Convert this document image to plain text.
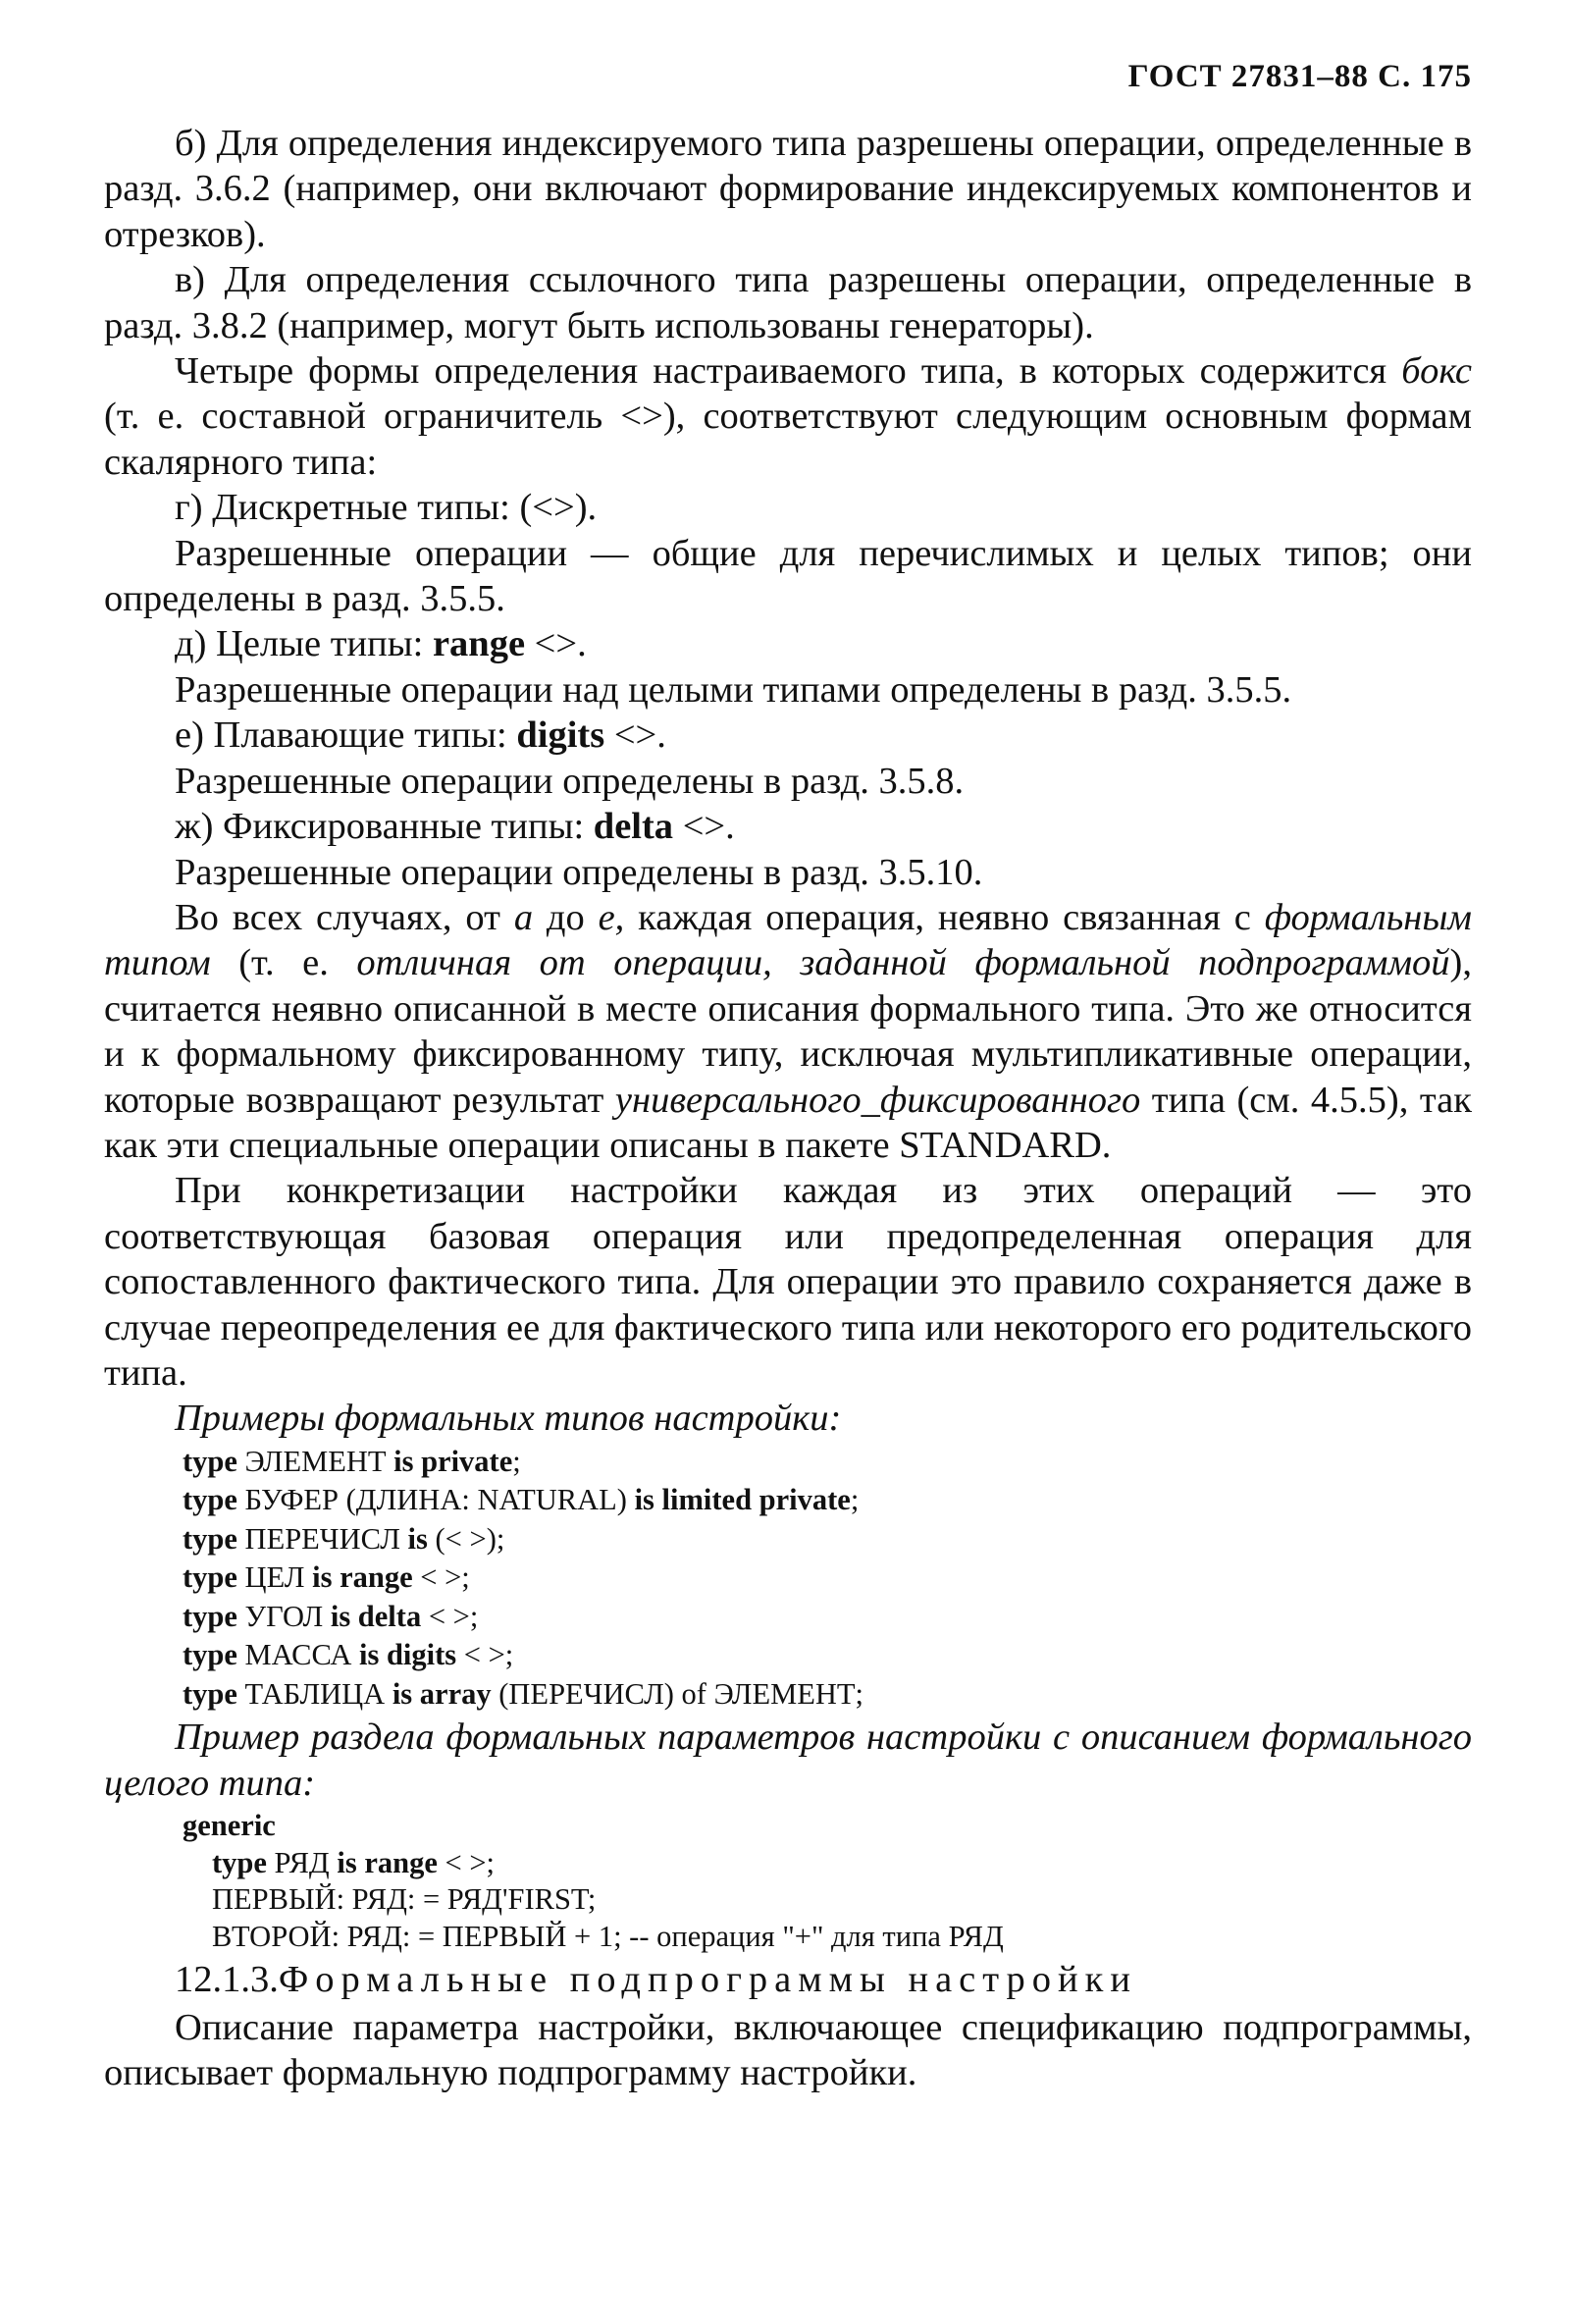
ГОСТ 27831–88 С. 175

б) Для определения индексируемого типа разрешены операции, определенные в разд. 3.6.2 (например, они включают формирование индексируемых компонентов и отрезков).

в) Для определения ссылочного типа разрешены операции, определенные в разд. 3.8.2 (например, могут быть использованы генераторы).

Четыре формы определения настраиваемого типа, в которых содержится бокс (т. е. составной ограничитель <>), соответствуют следующим основным формам скалярного типа:

г) Дискретные типы: (<>).

Разрешенные операции — общие для перечислимых и целых типов; они определены в разд. 3.5.5.

д) Целые типы: range <>.

Разрешенные операции над целыми типами определены в разд. 3.5.5.

е) Плавающие типы: digits <>.

Разрешенные операции определены в разд. 3.5.8.

ж) Фиксированные типы: delta <>.

Разрешенные операции определены в разд. 3.5.10.

Во всех случаях, от а до е, каждая операция, неявно связанная с формальным типом (т. е. отличная от операции, заданной формальной подпрограммой), считается неявно описанной в месте описания формального типа. Это же относится и к формальному фиксированному типу, исключая мультипликативные операции, которые возвращают результат универсального_фиксированного типа (см. 4.5.5), так как эти специальные операции описаны в пакете STANDARD.

При конкретизации настройки каждая из этих операций — это соответствующая базовая операция или предопределенная операция для сопоставленного фактического типа. Для операции это правило сохраняется даже в случае переопределения ее для фактического типа или некоторого его родительского типа.

Примеры формальных типов настройки:

type ЭЛЕМЕНТ is private;
type БУФЕР (ДЛИНА: NATURAL) is limited private;
type ПЕРЕЧИСЛ is (< >);
type ЦЕЛ is range < >;
type УГОЛ is delta < >;
type МАССА is digits < >;
type ТАБЛИЦА is array (ПЕРЕЧИСЛ) of ЭЛЕМЕНТ;

Пример раздела формальных параметров настройки с описанием формального целого типа:

generic
type РЯД is range < >;
ПЕРВЫЙ: РЯД: = РЯД'FIRST;
ВТОРОЙ: РЯД: = ПЕРВЫЙ + 1; -- операция "+" для типа РЯД

12.1.3.Формальные подпрограммы настройки

Описание параметра настройки, включающее спецификацию подпрограммы, описывает формальную подпрограмму настройки.
